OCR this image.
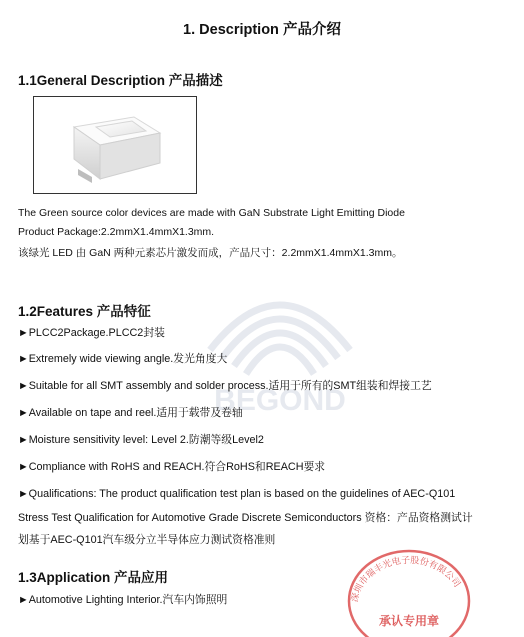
BEGOND
1. Description 产品介绍
1.1General Description 产品描述
The Green source color devices are made with GaN Substrate Light Emitting Diode
Product Package:2.2mmX1.4mmX1.3mm.
该绿光 LED 由 GaN 两种元素芯片激发而成，产品尺寸：2.2mmX1.4mmX1.3mm。
1.2Features 产品特征
►PLCC2Package.PLCC2封装
►Extremely wide viewing angle.发光角度大
►Suitable for all SMT assembly and solder process.适用于所有的SMT组装和焊接工艺
►Available on tape and reel.适用于载带及卷轴
►Moisture sensitivity level: Level 2.防潮等级Level2
►Compliance with RoHS and REACH.符合RoHS和REACH要求
►Qualifications: The product qualification test plan is based on the guidelines of AEC-Q101
Stress Test Qualification for Automotive Grade Discrete Semiconductors 资格：产品资格测试计
划基于AEC-Q101汽车级分立半导体应力测试资格准则
1.3Application 产品应用
►Automotive Lighting Interior.汽车内饰照明	深圳市瑞丰光电子股份有限公司
承认专用章
